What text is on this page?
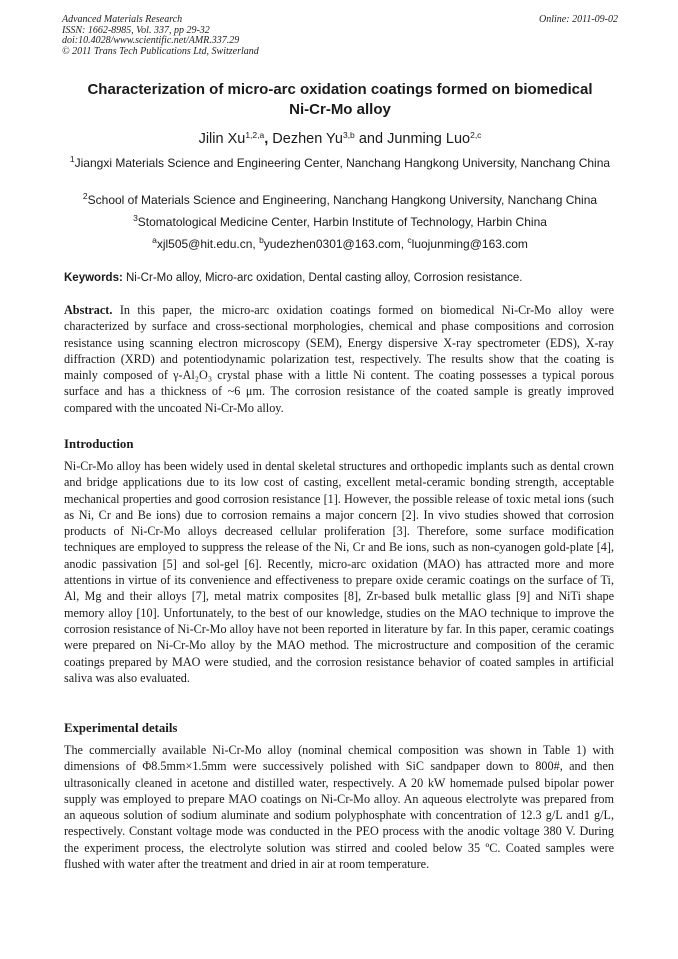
Advanced Materials Research
ISSN: 1662-8985, Vol. 337, pp 29-32
doi:10.4028/www.scientific.net/AMR.337.29
© 2011 Trans Tech Publications Ltd, Switzerland
Online: 2011-09-02
Characterization of micro-arc oxidation coatings formed on biomedical
Ni-Cr-Mo alloy
Jilin Xu$^{1,2,a}$, Dezhen Yu$^{3,b}$ and Junming Luo$^{2,c}$
$^1$Jiangxi Materials Science and Engineering Center, Nanchang Hangkong University, Nanchang China
$^2$School of Materials Science and Engineering, Nanchang Hangkong University, Nanchang China
$^3$Stomatological Medicine Center, Harbin Institute of Technology, Harbin China
$^a$xjl505@hit.edu.cn, $^b$yudezhen0301@163.com, $^c$luojunming@163.com
Keywords: Ni-Cr-Mo alloy, Micro-arc oxidation, Dental casting alloy, Corrosion resistance.
Abstract. In this paper, the micro-arc oxidation coatings formed on biomedical Ni-Cr-Mo alloy were characterized by surface and cross-sectional morphologies, chemical and phase compositions and corrosion resistance using scanning electron microscopy (SEM), Energy dispersive X-ray spectrometer (EDS), X-ray diffraction (XRD) and potentiodynamic polarization test, respectively. The results show that the coating is mainly composed of γ-Al₂O₃ crystal phase with a little Ni content. The coating possesses a typical porous surface and has a thickness of ~6 μm. The corrosion resistance of the coated sample is greatly improved compared with the uncoated Ni-Cr-Mo alloy.
Introduction
Ni-Cr-Mo alloy has been widely used in dental skeletal structures and orthopedic implants such as dental crown and bridge applications due to its low cost of casting, excellent metal-ceramic bonding strength, acceptable mechanical properties and good corrosion resistance [1]. However, the possible release of toxic metal ions (such as Ni, Cr and Be ions) due to corrosion remains a major concern [2]. In vivo studies showed that corrosion products of Ni-Cr-Mo alloys decreased cellular proliferation [3]. Therefore, some surface modification techniques are employed to suppress the release of the Ni, Cr and Be ions, such as non-cyanogen gold-plate [4], anodic passivation [5] and sol-gel [6]. Recently, micro-arc oxidation (MAO) has attracted more and more attentions in virtue of its convenience and effectiveness to prepare oxide ceramic coatings on the surface of Ti, Al, Mg and their alloys [7], metal matrix composites [8], Zr-based bulk metallic glass [9] and NiTi shape memory alloy [10]. Unfortunately, to the best of our knowledge, studies on the MAO technique to improve the corrosion resistance of Ni-Cr-Mo alloy have not been reported in literature by far. In this paper, ceramic coatings were prepared on Ni-Cr-Mo alloy by the MAO method. The microstructure and composition of the ceramic coatings prepared by MAO were studied, and the corrosion resistance behavior of coated samples in artificial saliva was also evaluated.
Experimental details
The commercially available Ni-Cr-Mo alloy (nominal chemical composition was shown in Table 1) with dimensions of Φ8.5mm×1.5mm were successively polished with SiC sandpaper down to 800#, and then ultrasonically cleaned in acetone and distilled water, respectively. A 20 kW homemade pulsed bipolar power supply was employed to prepare MAO coatings on Ni-Cr-Mo alloy. An aqueous electrolyte was prepared from an aqueous solution of sodium aluminate and sodium polyphosphate with concentration of 12.3 g/L and1 g/L, respectively. Constant voltage mode was conducted in the PEO process with the anodic voltage 380 V. During the experiment process, the electrolyte solution was stirred and cooled below 35 ºC. Coated samples were flushed with water after the treatment and dried in air at room temperature.
